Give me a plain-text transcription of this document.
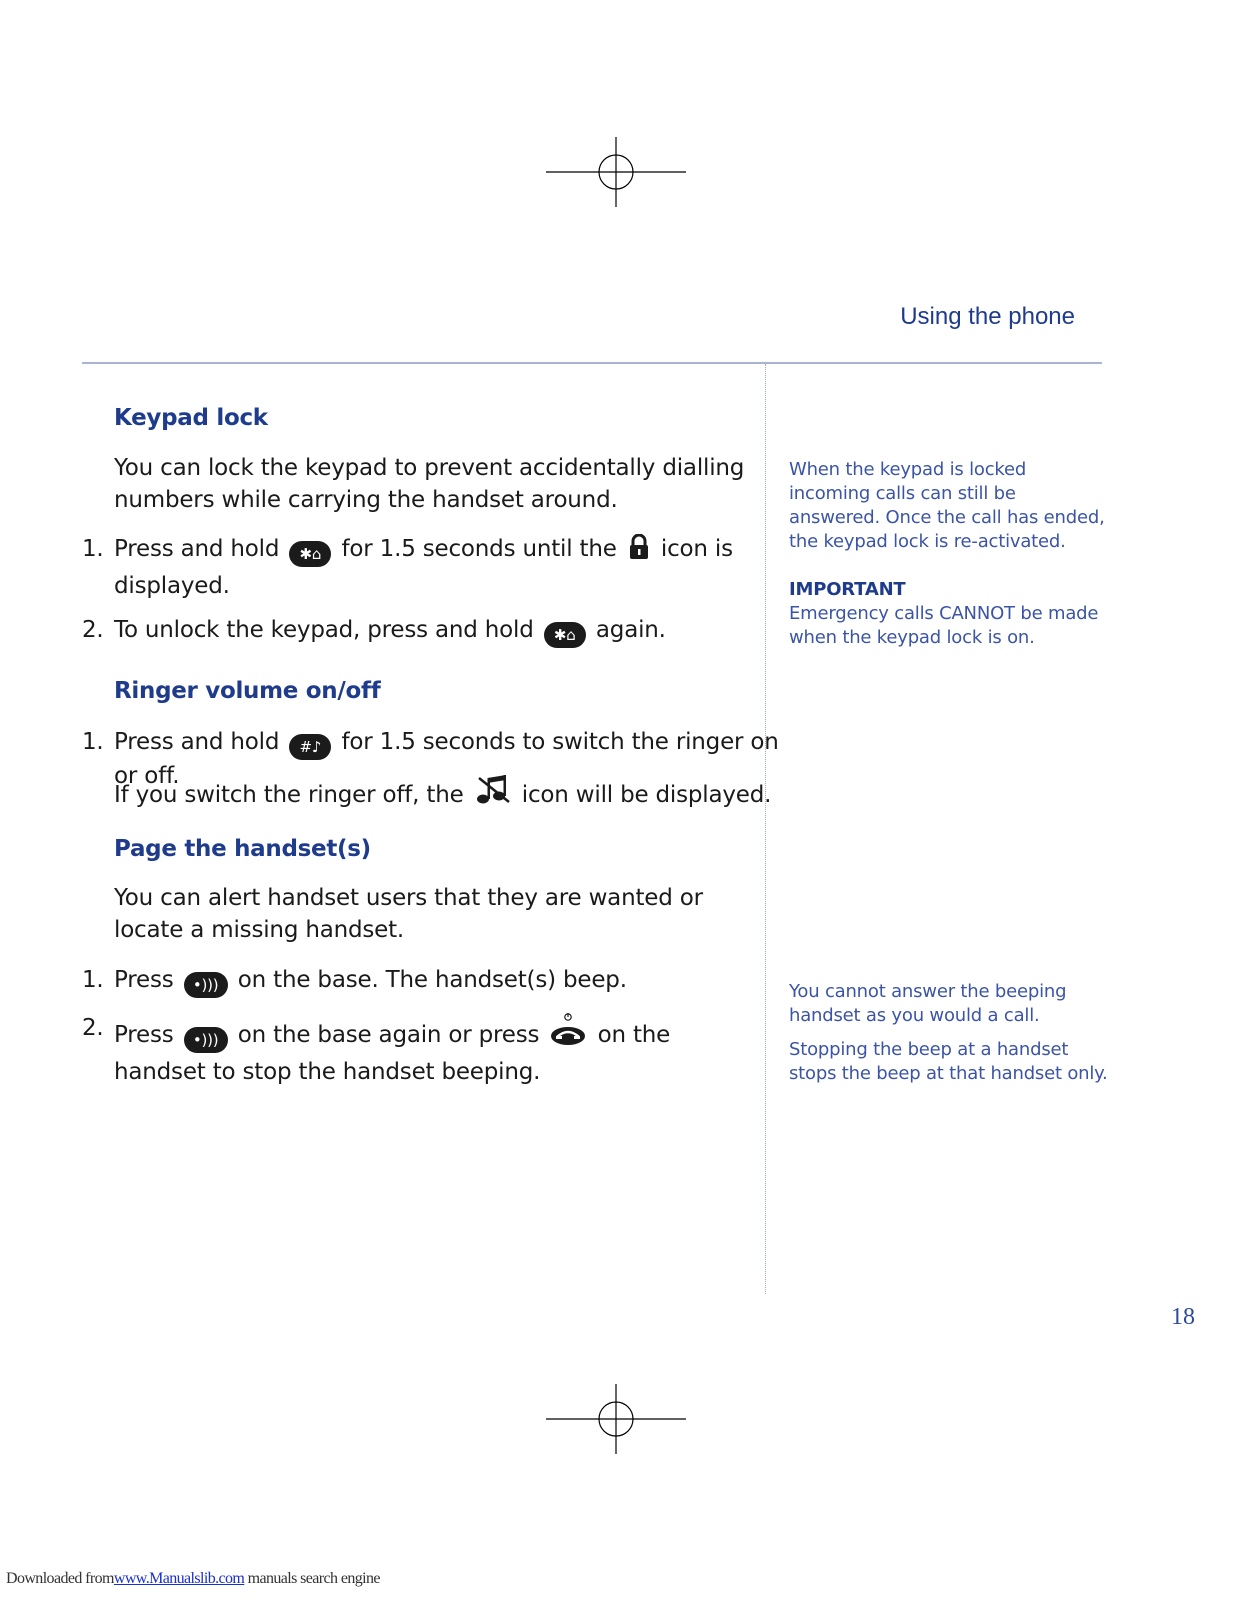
Using the phone
Keypad lock
You can lock the keypad to prevent accidentally dialling numbers while carrying the handset around.
1. Press and hold ✱⌂ for 1.5 seconds until the icon is displayed.
2. To unlock the keypad, press and hold ✱⌂ again.
Ringer volume on/off
1. Press and hold #♪ for 1.5 seconds to switch the ringer on or off.
If you switch the ringer off, the	icon will be displayed.
Page the handset(s)
You can alert handset users that they are wanted or locate a missing handset.
1. Press •))) on the base. The handset(s) beep.
2. Press •))) on the base again or press	on the handset to stop the handset beeping.
When the keypad is locked incoming calls can still be answered. Once the call has ended, the keypad lock is re-activated.
IMPORTANT
Emergency calls CANNOT be made when the keypad lock is on.
You cannot answer the beeping handset as you would a call.
Stopping the beep at a handset stops the beep at that handset only.
18
Downloaded fromwww.Manualslib.com manuals search engine
